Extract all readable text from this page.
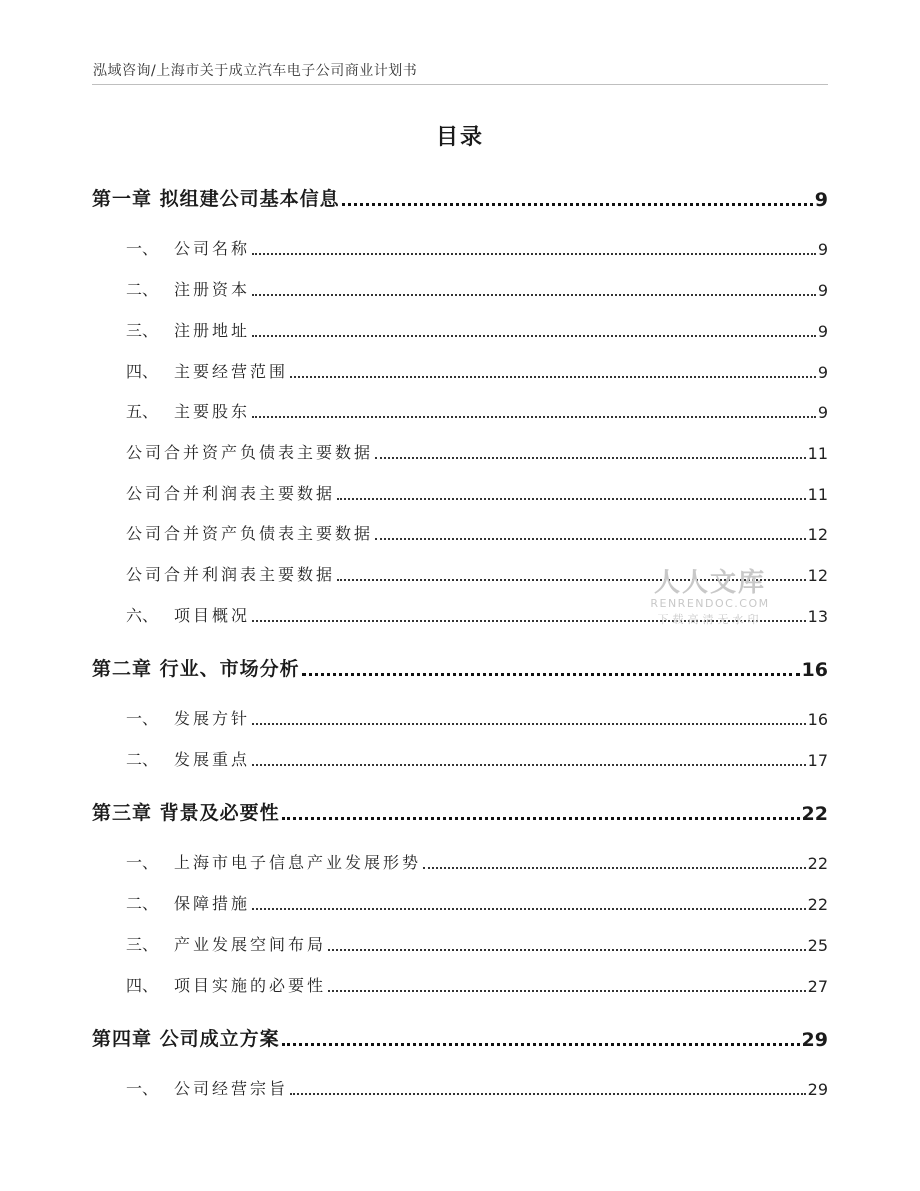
泓域咨询/上海市关于成立汽车电子公司商业计划书
目录
第一章 拟组建公司基本信息	9
一、 公司名称	9
二、 注册资本	9
三、 注册地址	9
四、 主要经营范围	9
五、 主要股东	9
公司合并资产负债表主要数据	11
公司合并利润表主要数据	11
公司合并资产负债表主要数据	12
公司合并利润表主要数据	12
六、 项目概况	13
第二章 行业、市场分析	16
一、 发展方针	16
二、 发展重点	17
第三章 背景及必要性	22
一、 上海市电子信息产业发展形势	22
二、 保障措施	22
三、 产业发展空间布局	25
四、 项目实施的必要性	27
第四章 公司成立方案	29
一、 公司经营宗旨	29
人人文库
RENRENDOC.COM
下载高清无水印
